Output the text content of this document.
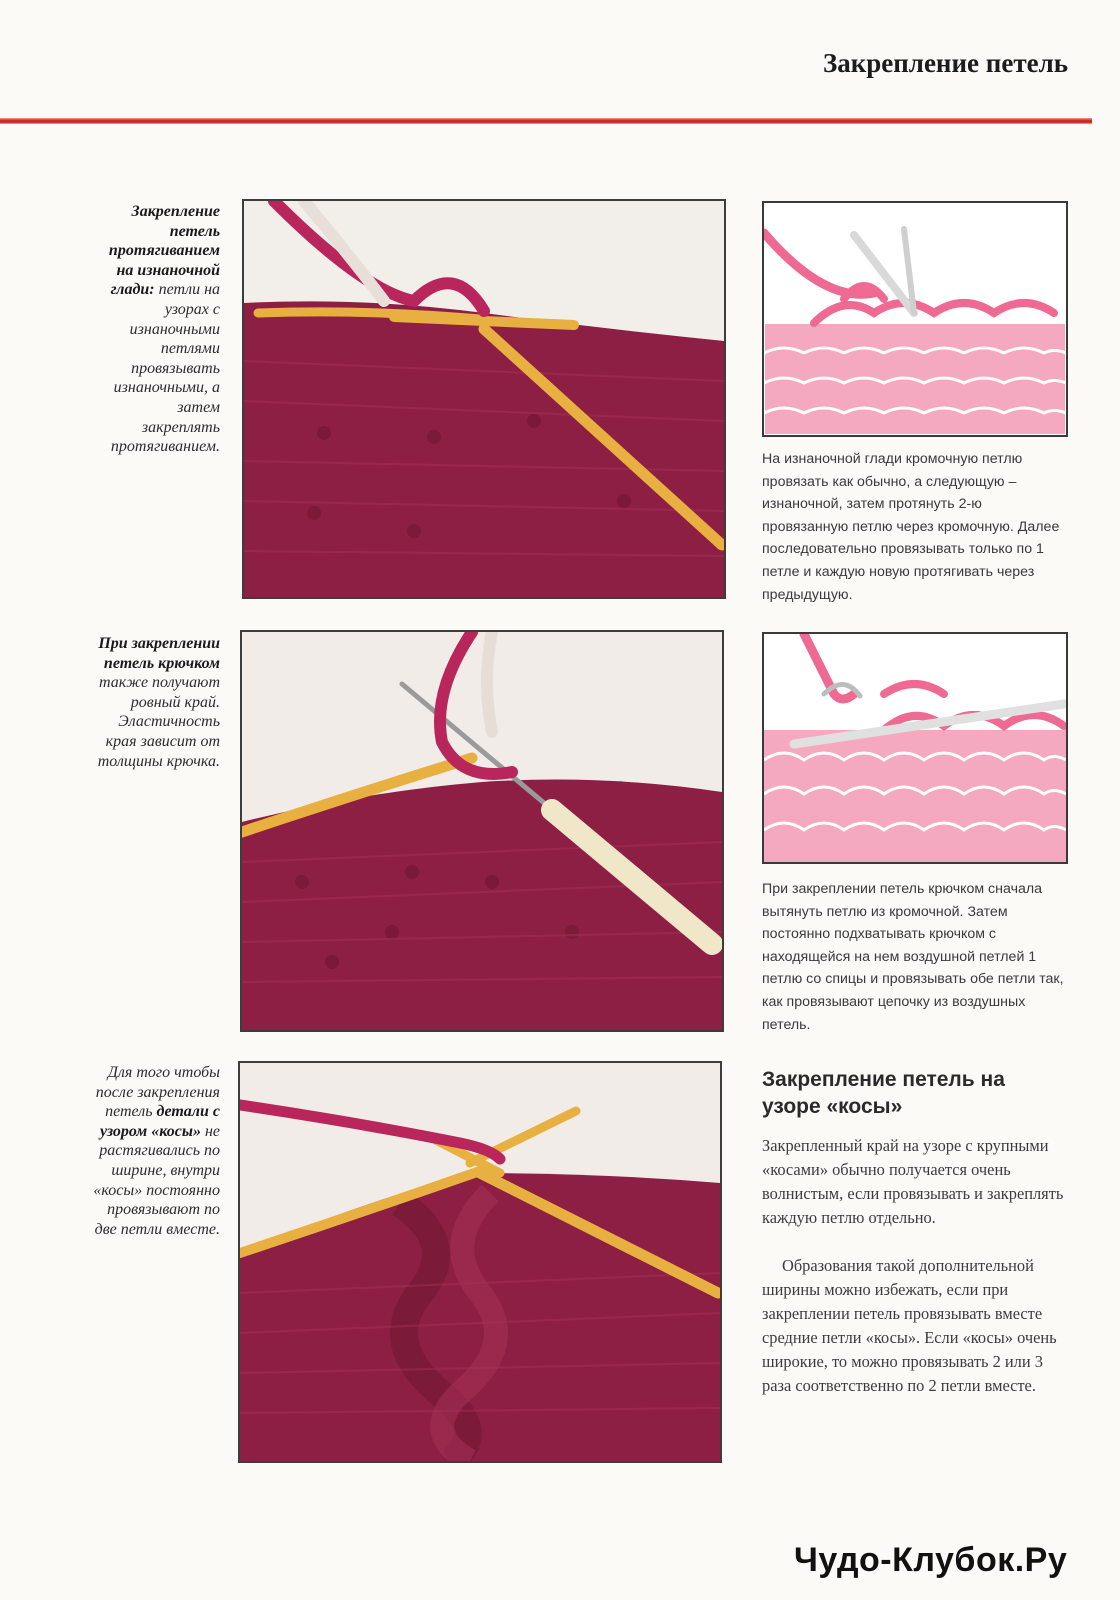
Закрепление петель
Закрепление петель протягиванием на изнаночной глади: петли на узорах с изнаночными петлями провязывать изнаночными, а затем закреплять протягиванием.
На изнаночной глади кромочную петлю провязать как обычно, а следующую – изнаночной, затем протянуть 2-ю провязанную петлю через кромочную. Далее последовательно провязывать только по 1 петле и каждую новую протягивать через предыдущую.
При закреплении петель крючком также получают ровный край. Эластичность края зависит от толщины крючка.
При закреплении петель крючком сначала вытянуть петлю из кромочной. Затем постоянно подхватывать крючком с находящейся на нем воздушной петлей 1 петлю со спицы и провязывать обе петли так, как провязывают цепочку из воздушных петель.
Для того чтобы после закрепления петель детали с узором «косы» не растягивались по ширине, внутри «косы» постоянно провязывают по две петли вместе.
Закрепление петель на узоре «косы»
Закрепленный край на узоре с крупными «косами» обычно получается очень волнистым, если провязывать и закреплять каждую петлю отдельно.
Образования такой дополнительной ширины можно избежать, если при закреплении петель провязывать вместе средние петли «косы». Если «косы» очень широкие, то можно провязывать 2 или 3 раза соответственно по 2 петли вместе.
Чудо-Клубок.Ру
